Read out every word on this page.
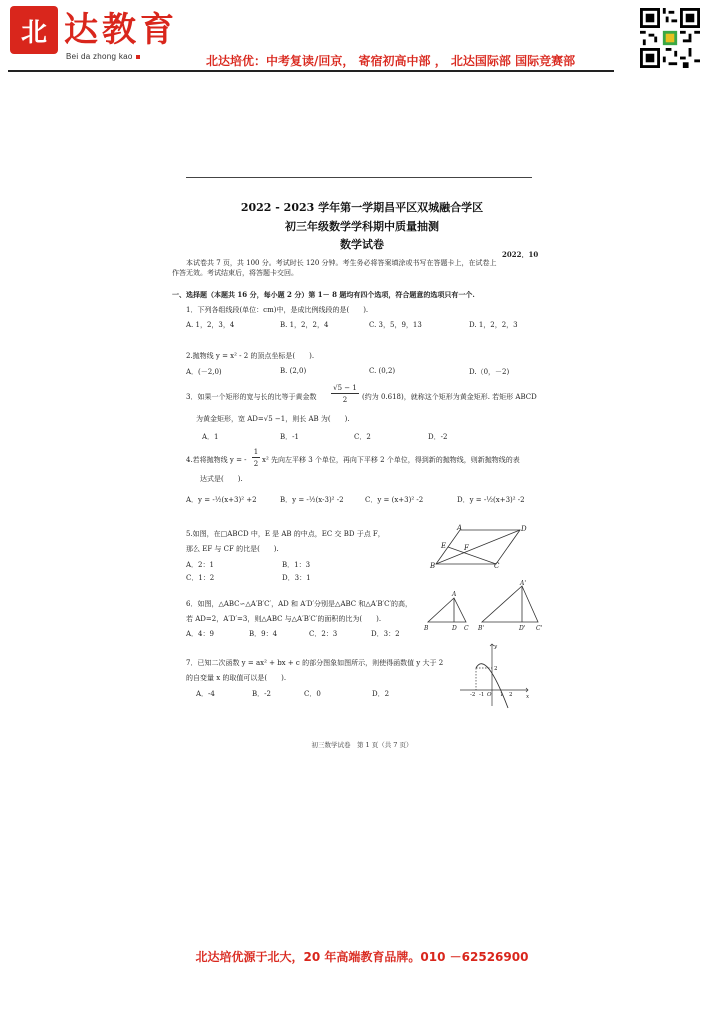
北 达教育
Bei da zhong kao	北达培优：中考复读/回京， 寄宿初高中部 ， 北达国际部 国际竞赛部
2022 - 2023 学年第一学期昌平区双城融合学区
初三年级数学学科期中质量抽测
数学试卷
2022．10
本试卷共 7 页，共 100 分。考试时长 120 分钟。考生务必将答案填涂或书写在答题卡上，在试卷上
作答无效。考试结束后，将答题卡交回。
一、选择题（本题共 16 分，每小题 2 分）第 1－ 8 题均有四个选项，符合题意的选项只有一个.
1．下列各组线段(单位：cm)中，是成比例线段的是(　　).
A. 1，2，3，4	B. 1，2，2，4	C. 3，5，9，13	D. 1，2，2，3
2.抛物线 y = x² - 2 的顶点坐标是(　　).
A．(－2,0)	B. (2,0)	C. (0,2)	D.（0，－2)
3．如果一个矩形的宽与长的比等于黄金数
√5 − 1
2	(约为 0.618)，就称这个矩形为黄金矩形. 若矩形 ABCD
为黄金矩形，宽 AD=√5 −1，则长 AB 为(　　).
A．1	B．-1	C．2	D．-2
4.若将抛物线 y = -
1
2 x² 先向左平移 3 个单位，再向下平移 2 个单位，得到新的抛物线，则新抛物线的表
达式是(　　).
A．y = -½(x+3)² +2	B．y = -½(x-3)² -2	C．y = (x+3)² -2	D．y = -½(x+3)² -2
5.如图，在□ABCD 中，E 是 AB 的中点，EC 交 BD 于点 F，
那么 EF 与 CF 的比是(　　).
A．2：1	B．1：3
C．1：2	D．3：1
A	D
E	F
B	C
6．如图，△ABC∽△A′B′C′，AD 和 A′D′分别是△ABC 和△A′B′C′的高，
若 AD=2，A′D′=3，则△ABC 与△A′B′C′的面积的比为(　　).
A．4：9	B．9：4	C．2：3	D．3：2
A
B	D C
A'
B'	D' C'
7．已知二次函数 y = ax² + bx + c 的部分图象如图所示，则使得函数值 y 大于 2
的自变量 x 的取值可以是(　　).
A．-4	B．-2	C．0	D．2
y
x
O
-2 -1	1 2
2
初三数学试卷　第 1 页（共 7 页）
北达培优源于北大，20 年高端教育品牌。010 －62526900
